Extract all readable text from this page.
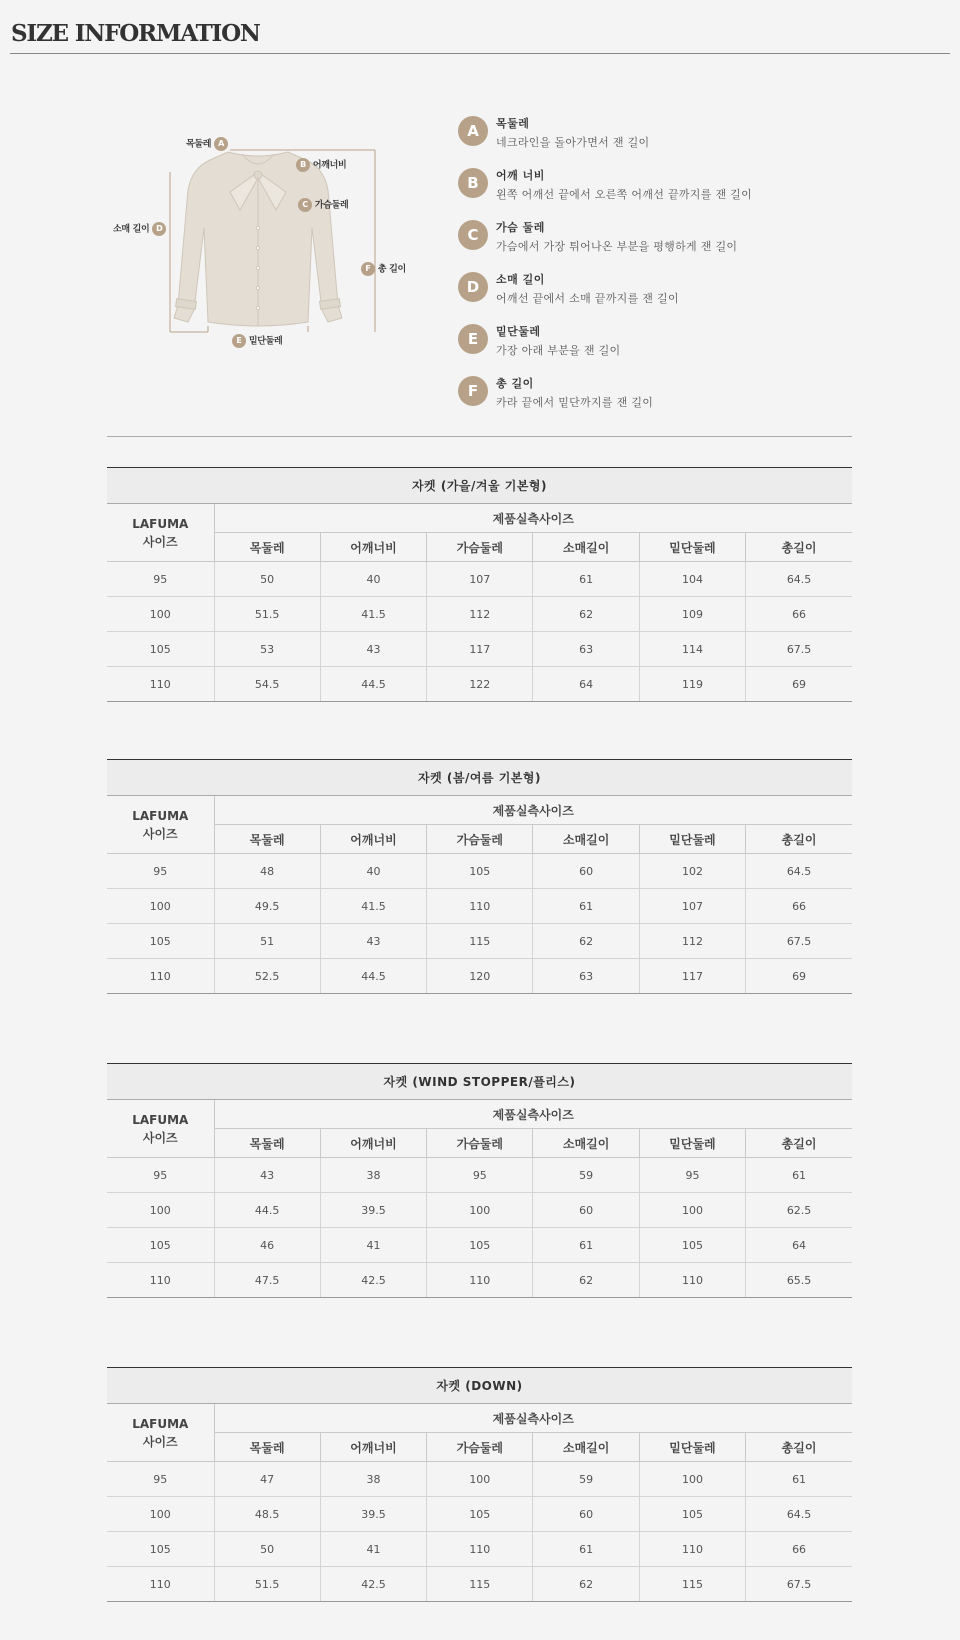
SIZE INFORMATION
목둘레 A
B 어깨너비
C 가슴둘레
소매 길이 D
F 총 길이
E 밑단둘레
A	목둘레
네크라인을 돌아가면서 잰 길이
B	어깨 너비
왼쪽 어깨선 끝에서 오른쪽 어깨선 끝까지를 잰 길이
C	가슴 둘레
가슴에서 가장 튀어나온 부분을 평행하게 잰 길이
D	소매 길이
어깨선 끝에서 소매 끝까지를 잰 길이
E	밑단둘레
가장 아래 부분을 잰 길이
F	총 길이
카라 끝에서 밑단까지를 잰 길이
자켓 (가을/겨울 기본형)						
LAFUMA
사이즈	제품실측사이즈					
	목둘레	어깨너비	가슴둘레	소매길이	밑단둘레	총길이
95	50	40	107	61	104	64.5
100	51.5	41.5	112	62	109	66
105	53	43	117	63	114	67.5
110	54.5	44.5	122	64	119	69
자켓 (봄/여름 기본형)						
LAFUMA
사이즈	제품실측사이즈					
	목둘레	어깨너비	가슴둘레	소매길이	밑단둘레	총길이
95	48	40	105	60	102	64.5
100	49.5	41.5	110	61	107	66
105	51	43	115	62	112	67.5
110	52.5	44.5	120	63	117	69
자켓 (WIND STOPPER/플리스)						
LAFUMA
사이즈	제품실측사이즈					
	목둘레	어깨너비	가슴둘레	소매길이	밑단둘레	총길이
95	43	38	95	59	95	61
100	44.5	39.5	100	60	100	62.5
105	46	41	105	61	105	64
110	47.5	42.5	110	62	110	65.5
자켓 (DOWN)						
LAFUMA
사이즈	제품실측사이즈					
	목둘레	어깨너비	가슴둘레	소매길이	밑단둘레	총길이
95	47	38	100	59	100	61
100	48.5	39.5	105	60	105	64.5
105	50	41	110	61	110	66
110	51.5	42.5	115	62	115	67.5
